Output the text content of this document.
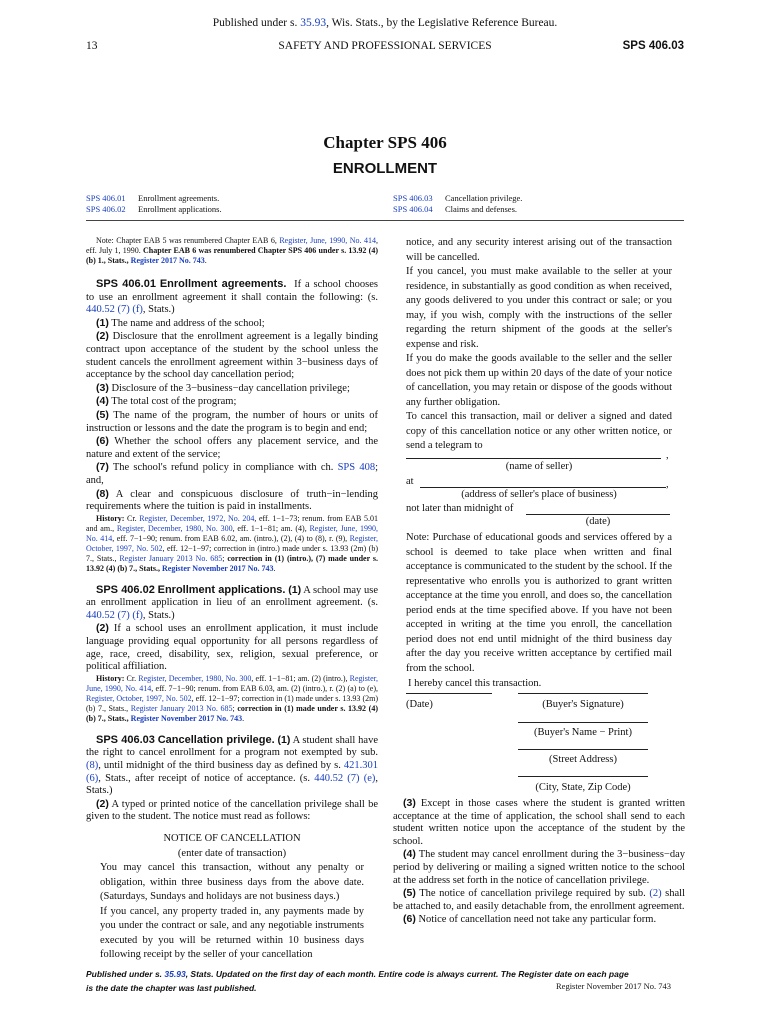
Published under s. 35.93, Wis. Stats., by the Legislative Reference Bureau.
13	SAFETY AND PROFESSIONAL SERVICES	SPS 406.03
Chapter SPS 406
ENROLLMENT
SPS 406.01 Enrollment agreements.
SPS 406.02 Enrollment applications.
SPS 406.03 Cancellation privilege.
SPS 406.04 Claims and defenses.

Note: Chapter EAB 5 was renumbered Chapter EAB 6, Register, June, 1990, No. 414, eff. July 1, 1990. Chapter EAB 6 was renumbered Chapter SPS 406 under s. 13.92 (4) (b) 1., Stats., Register 2017 No. 743.

SPS 406.01 Enrollment agreements. If a school chooses to use an enrollment agreement it shall contain the following: (s. 440.52 (7) (f), Stats.)

(1) The name and address of the school;

(2) Disclosure that the enrollment agreement is a legally binding contract upon acceptance of the student by the school unless the student cancels the enrollment agreement within 3−business days of acceptance by the school day cancellation period;

(3) Disclosure of the 3−business−day cancellation privilege;

(4) The total cost of the program;

(5) The name of the program, the number of hours or units of instruction or lessons and the date the program is to begin and end;

(6) Whether the school offers any placement service, and the nature and extent of the service;

(7) The school's refund policy in compliance with ch. SPS 408; and,

(8) A clear and conspicuous disclosure of truth−in−lending requirements where the tuition is paid in installments.

History: Cr. Register, December, 1972, No. 204, eff. 1−1−73; renum. from EAB 5.01 and am., Register, December, 1980, No. 300, eff. 1−1−81; am. (4), Register, June, 1990, No. 414, eff. 7−1−90; renum. from EAB 6.02, am. (intro.), (2), (4) to (8), r. (9), Register, October, 1997, No. 502, eff. 12−1−97; correction in (intro.) made under s. 13.93 (2m) (b) 7., Stats., Register January 2013 No. 685; correction in (1) (intro.), (7) made under s. 13.92 (4) (b) 7., Stats., Register November 2017 No. 743.

SPS 406.02 Enrollment applications. (1) A school may use an enrollment application in lieu of an enrollment agreement. (s. 440.52 (7) (f), Stats.)

(2) If a school uses an enrollment application, it must include language providing equal opportunity for all persons regardless of age, race, creed, disability, sex, religion, sexual preference, or political affiliation.

History: Cr. Register, December, 1980, No. 300, eff. 1−1−81; am. (2) (intro.), Register, June, 1990, No. 414, eff. 7−1−90; renum. from EAB 6.03, am. (2) (intro.), r. (2) (a) to (e), Register, October, 1997, No. 502, eff. 12−1−97; correction in (1) made under s. 13.93 (2m) (b) 7., Stats., Register January 2013 No. 685; correction in (1) made under s. 13.92 (4) (b) 7., Stats., Register November 2017 No. 743.

SPS 406.03 Cancellation privilege. (1) A student shall have the right to cancel enrollment for a program not exempted by sub. (8), until midnight of the third business day as defined by s. 421.301 (6), Stats., after receipt of notice of acceptance. (s. 440.52 (7) (e), Stats.)

(2) A typed or printed notice of the cancellation privilege shall be given to the student. The notice must read as follows:

NOTICE OF CANCELLATION

(enter date of transaction)

You may cancel this transaction, without any penalty or obligation, within three business days from the above date. (Saturdays, Sundays and holidays are not business days.)

If you cancel, any property traded in, any payments made by you under the contract or sale, and any negotiable instruments executed by you will be returned within 10 business days following receipt by the seller of your cancellation

notice, and any security interest arising out of the transaction will be cancelled.

If you cancel, you must make available to the seller at your residence, in substantially as good condition as when received, any goods delivered to you under this contract or sale; or you may, if you wish, comply with the instructions of the seller regarding the return shipment of the goods at the seller's expense and risk.

If you do make the goods available to the seller and the seller does not pick them up within 20 days of the date of your notice of cancellation, you may retain or dispose of the goods without any further obligation.

To cancel this transaction, mail or deliver a signed and dated copy of this cancellation notice or any other written notice, or send a telegram to

,
(name of seller)
at	,
(address of seller's place of business)
not later than midnight of
(date)

Note: Purchase of educational goods and services offered by a school is deemed to take place when written and final acceptance is communicated to the student by the school. If the representative who enrolls you is authorized to grant written acceptance at the time you enroll, and does so, the cancellation period ends at the time specified above. If you have not been accepted in writing at the time you enroll, the cancellation period does not end until midnight of the third business day after the day you receive written acceptance by certified mail from the school.

I hereby cancel this transaction.

(Date)	(Buyer's Signature)
(Buyer's Name − Print)
(Street Address)
(City, State, Zip Code)

(3) Except in those cases where the student is granted written acceptance at the time of application, the school shall send to each student written notice upon the acceptance of the student by the school.

(4) The student may cancel enrollment during the 3−business−day period by delivering or mailing a signed written notice to the school at the address set forth in the notice of cancellation privilege.

(5) The notice of cancellation privilege required by sub. (2) shall be attached to, and easily detachable from, the enrollment agreement.

(6) Notice of cancellation need not take any particular form.

Published under s. 35.93, Stats. Updated on the first day of each month. Entire code is always current. The Register date on each page
is the date the chapter was last published.	Register November 2017 No. 743
